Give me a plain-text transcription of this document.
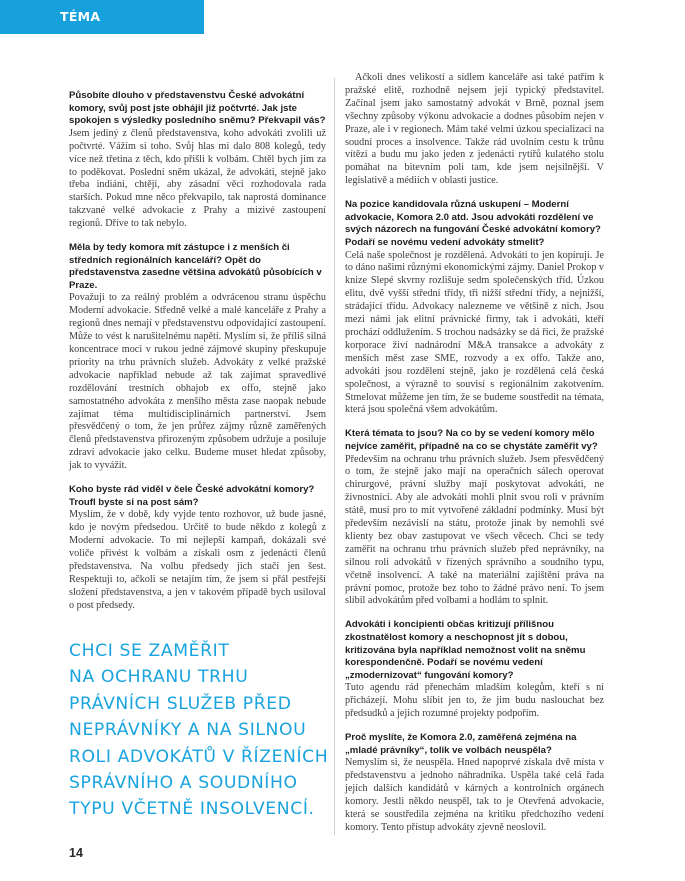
TÉMA

Působíte dlouho v představenstvu České advokátní komory, svůj post jste obhájil již počtvrté. Jak jste spokojen s výsledky posledního sněmu? Překvapil vás?

Jsem jediný z členů představenstva, koho advokáti zvolili už počtvrté. Vážím si toho. Svůj hlas mi dalo 808 kolegů, tedy více než třetina z těch, kdo přišli k volbám. Chtěl bych jim za to poděkovat. Poslední sněm ukázal, že advokáti, stejně jako třeba indiáni, chtějí, aby zásadní věci rozhodovala rada starších. Pokud mne něco překvapilo, tak naprostá dominance takzvané velké advokacie z Prahy a mizivé zastoupení regionů. Dříve to tak nebylo.

Měla by tedy komora mít zástupce i z menších či středních regionálních kanceláří? Opět do představenstva zasedne většina advokátů působících v Praze.

Považuji to za reálný problém a odvrácenou stranu úspěchu Moderní advokacie. Středně velké a malé kanceláře z Prahy a regionů dnes nemají v představenstvu odpovídající zastoupení. Může to vést k narušitelnému napětí. Myslím si, že příliš silná koncentrace moci v rukou jedné zájmové skupiny přeskupuje priority na trhu právních služeb. Advokáty z velké pražské advokacie například nebude až tak zajímat spravedlivé rozdělování trestních obhajob ex offo, stejně jako samostatného advokáta z menšího města zase naopak nebude zajímat téma multidisciplinárních partnerství. Jsem přesvědčený o tom, že jen průřez zájmy různě zaměřených členů představenstva přirozeným způsobem udržuje a posiluje zdraví advokacie jako celku. Budeme muset hledat způsoby, jak to vyvážit.

Koho byste rád viděl v čele České advokátní komory? Troufl byste si na post sám?

Myslím, že v době, kdy vyjde tento rozhovor, už bude jasné, kdo je novým předsedou. Určitě to bude někdo z kolegů z Moderní advokacie. To mi nejlepší kampaň, dokázali své voliče přivést k volbám a získali osm z jedenácti členů představenstva. Na volbu předsedy jich stačí jen šest. Respektuji to, ačkoli se netajím tím, že jsem si přál pestřejší složení představenstva, a jen v takovém případě bych usiloval o post předsedy.

Ačkoli dnes velikostí a sídlem kanceláře asi také patřím k pražské elitě, rozhodně nejsem její typický představitel. Začínal jsem jako samostatný advokát v Brně, poznal jsem všechny způsoby výkonu advokacie a dodnes působím nejen v Praze, ale i v regionech. Mám také velmi úzkou specializaci na soudní proces a insolvence. Takže rád uvolním cestu k trůnu vítězi a budu mu jako jeden z jedenácti rytířů kulatého stolu pomáhat na bitevním poli tam, kde jsem nejsilnější. V legislativě a médiích v oblasti justice.

Na pozice kandidovala různá uskupení – Moderní advokacie, Komora 2.0 atd. Jsou advokáti rozdělení ve svých názorech na fungování České advokátní komory? Podaří se novému vedení advokáty stmelit?

Celá naše společnost je rozdělená. Advokáti to jen kopírují. Je to dáno našimi různými ekonomickými zájmy. Daniel Prokop v knize Slepé skvrny rozlišuje sedm společenských tříd. Úzkou elitu, dvě vyšší střední třídy, tři nižší střední třídy, a nejnižší, strádající třídu. Advokacy nalezneme ve většině z nich. Jsou mezi námi jak elitní právnické firmy, tak i advokáti, kteří prochází oddlužením. S trochou nadsázky se dá říci, že pražské korporace živí nadnárodní M&A transakce a advokáty z menších měst zase SME, rozvody a ex offo. Takže ano, advokáti jsou rozdělení stejně, jako je rozdělená celá česká společnost, a výrazně to souvisí s regionálním zakotvením. Stmelovat můžeme jen tím, že se budeme soustředit na témata, která jsou společná všem advokátům.

Která témata to jsou? Na co by se vedení komory mělo nejvíce zaměřit, případně na co se chystáte zaměřit vy?

Především na ochranu trhu právních služeb. Jsem přesvědčený o tom, že stejně jako mají na operačních sálech operovat chirurgové, právní služby mají poskytovat advokáti, ne živnostníci. Aby ale advokáti mohli plnit svou roli v právním státě, musí pro to mít vytvořené základní podmínky. Musí být především nezávislí na státu, protože jinak by nemohli své klienty bez obav zastupovat ve všech věcech. Chci se tedy zaměřit na ochranu trhu právních služeb před neprávníky, na silnou roli advokátů v řízených správního a soudního typu, včetně insolvencí. A také na materiální zajištění práva na právní pomoc, protože bez toho to žádné právo není. To jsem slíbil advokátům před volbami a hodlám to splnit.

Advokáti i koncipienti občas kritizují přílišnou zkostnatělost komory a neschopnost jít s dobou, kritizována byla například nemožnost volit na sněmu korespondenčně. Podaří se novému vedení „zmodernizovat“ fungování komory?

Tuto agendu rád přenechám mladším kolegům, kteří s ní přicházejí. Mohu slíbit jen to, že jim budu naslouchat bez předsudků a jejich rozumné projekty podpořím.

Proč myslíte, že Komora 2.0, zaměřená zejména na „mladé právníky“, tolik ve volbách neuspěla?

Nemyslím si, že neuspěla. Hned napoprvé získala dvě místa v představenstvu a jednoho náhradníka. Uspěla také celá řada jejích dalších kandidátů v kárných a kontrolních orgánech komory. Jestli někdo neuspěl, tak to je Otevřená advokacie, která se soustředila zejména na kritiku předchozího vedení komory. Tento přístup advokáty zjevně neoslovil.

CHCI SE ZAMĚŘIT
NA OCHRANU TRHU
PRÁVNÍCH SLUŽEB PŘED
NEPRÁVNÍKY A NA SILNOU
ROLI ADVOKÁTŮ V ŘÍZENÍCH
SPRÁVNÍHO A SOUDNÍHO
TYPU VČETNĚ INSOLVENCÍ.
14
